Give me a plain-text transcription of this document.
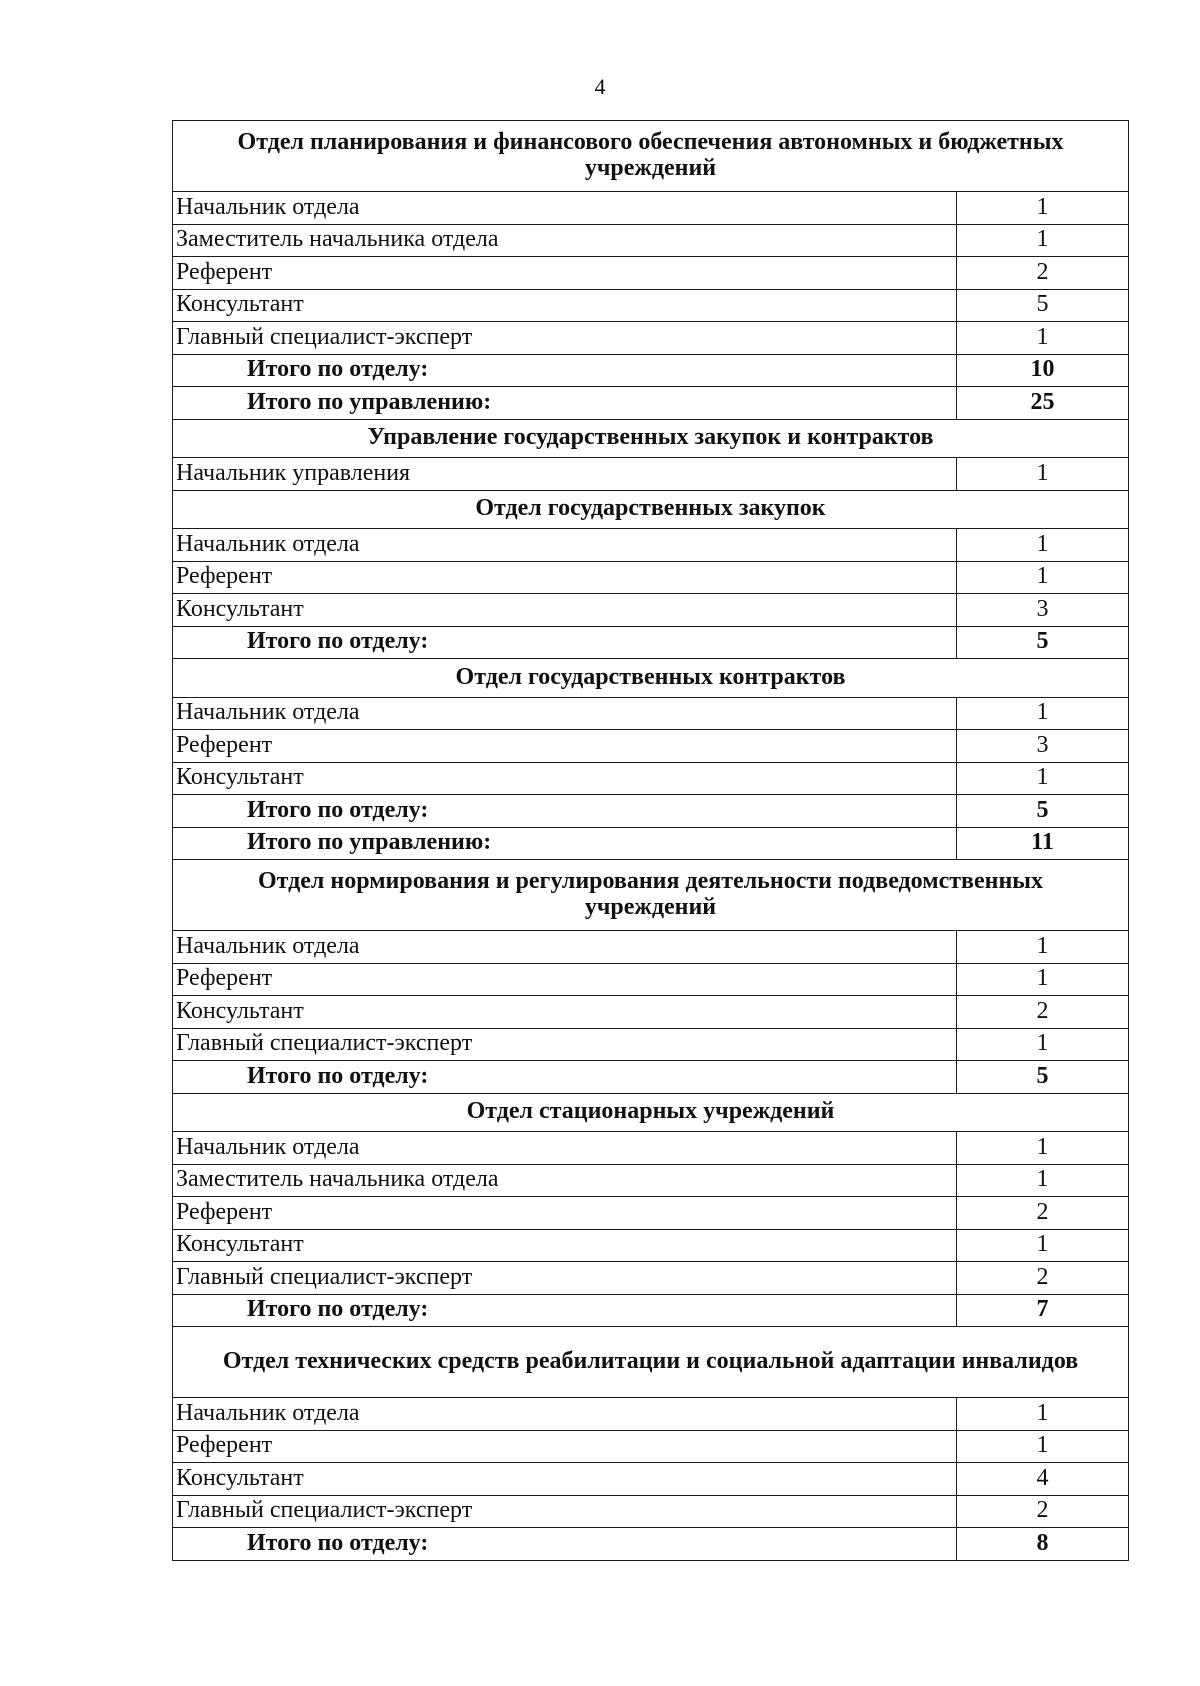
4
Отдел планирования и финансового обеспечения автономных и бюджетных учреждений	
Начальник отдела	1
Заместитель начальника отдела	1
Референт	2
Консультант	5
Главный специалист-эксперт	1
Итого по отделу:	10
Итого по управлению:	25
Управление государственных закупок и контрактов	
Начальник управления	1
Отдел государственных закупок	
Начальник отдела	1
Референт	1
Консультант	3
Итого по отделу:	5
Отдел государственных контрактов	
Начальник отдела	1
Референт	3
Консультант	1
Итого по отделу:	5
Итого по управлению:	11
Отдел нормирования и регулирования деятельности подведомственных учреждений	
Начальник отдела	1
Референт	1
Консультант	2
Главный специалист-эксперт	1
Итого по отделу:	5
Отдел стационарных учреждений	
Начальник отдела	1
Заместитель начальника отдела	1
Референт	2
Консультант	1
Главный специалист-эксперт	2
Итого по отделу:	7
Отдел технических средств реабилитации и социальной адаптации инвалидов	
Начальник отдела	1
Референт	1
Консультант	4
Главный специалист-эксперт	2
Итого по отделу:	8
